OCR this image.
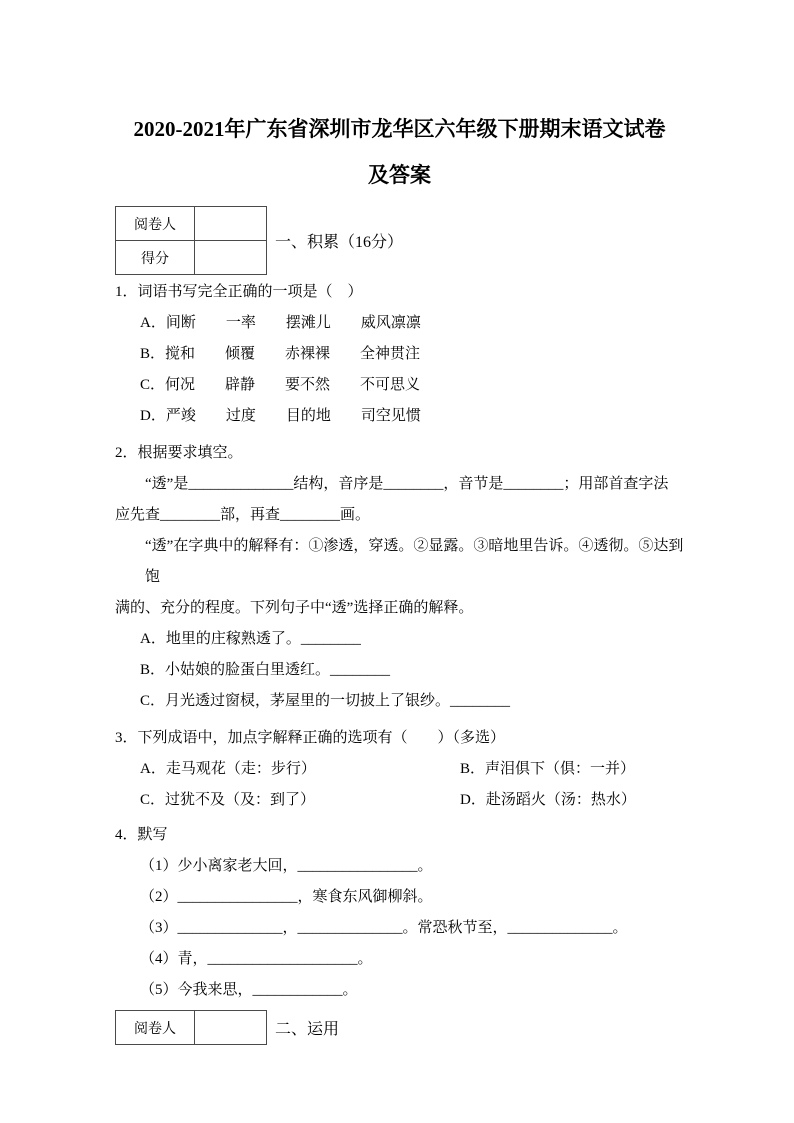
2020-2021年广东省深圳市龙华区六年级下册期末语文试卷
及答案
阅卷人	
得分	
一、积累（16分）
1．词语书写完全正确的一项是（　）
A．间断　　一率　　摆滩儿　　威风凛凛
B．搅和　　倾覆　　赤裸裸　　全神贯注
C．何况　　辟静　　要不然　　不可思义
D．严竣　　过度　　目的地　　司空见惯
2．根据要求填空。
“透”是______________结构，音序是________，音节是________；用部首查字法
应先查________部，再查________画。
“透”在字典中的解释有：①渗透，穿透。②显露。③暗地里告诉。④透彻。⑤达到饱
满的、充分的程度。下列句子中“透”选择正确的解释。
A．地里的庄稼熟透了。________
B．小姑娘的脸蛋白里透红。________
C．月光透过窗棂，茅屋里的一切披上了银纱。________
3．下列成语中，加点字解释正确的选项有（　　）（多选）
A．走马观花（走：步行）	B．声泪俱下（俱：一并）
C．过犹不及（及：到了）	D．赴汤蹈火（汤：热水）
4．默写
（1）少小离家老大回，________________。
（2）________________，寒食东风御柳斜。
（3）______________，______________。常恐秋节至，______________。
（4）青，____________________。
（5）今我来思，____________。
阅卷人		二、运用
